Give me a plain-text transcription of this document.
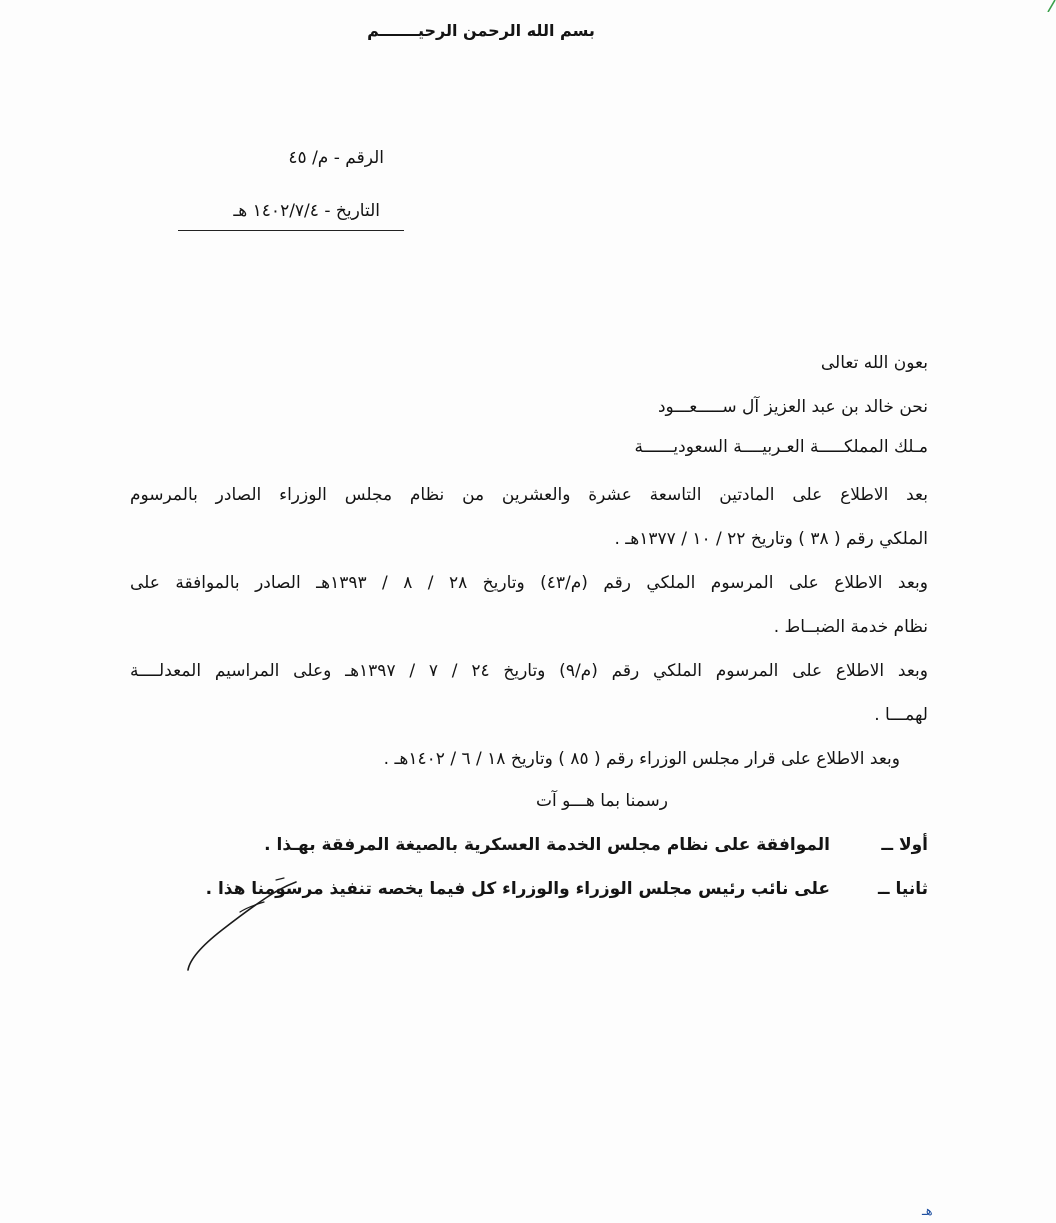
بسم الله الرحمن الرحيـــــــم
الرقم - م/ ٤٥
التاريخ - ١٤٠٢/٧/٤ هـ
بعون الله تعالى
نحن خالد بن عبد العزيز آل ســـــعـــود
مـلك المملكـــــة العـربيــــة السعوديــــــة
بعد الاطلاع على المادتين التاسعة عشرة والعشرين من نظام مجلس الوزراء الصادر بالمرسوم
الملكي رقم ( ٣٨ ) وتاريخ ٢٢ / ١٠ / ١٣٧٧هـ .
وبعد الاطلاع على المرسوم الملكي رقم (م/٤٣) وتاريخ ٢٨ / ٨ / ١٣٩٣هـ الصادر بالموافقة على
نظام خدمة الضبــاط .
وبعد الاطلاع على المرسوم الملكي رقم (م/٩) وتاريخ ٢٤ / ٧ / ١٣٩٧هـ وعلى المراسيم المعدلــــة
لهمـــا .
وبعد الاطلاع على قرار مجلس الوزراء رقم ( ٨٥ ) وتاريخ ١٨ / ٦ / ١٤٠٢هـ .
رسمنا بما هـــو آت
أولا ــ
الموافقة على نظام مجلس الخدمة العسكرية بالصيغة المرفقة بهـذا .
ثانيا ــ
على نائب رئيس مجلس الوزراء والوزراء كل فيما يخصه تنفيذ مرسومنا هذا .
هـ
